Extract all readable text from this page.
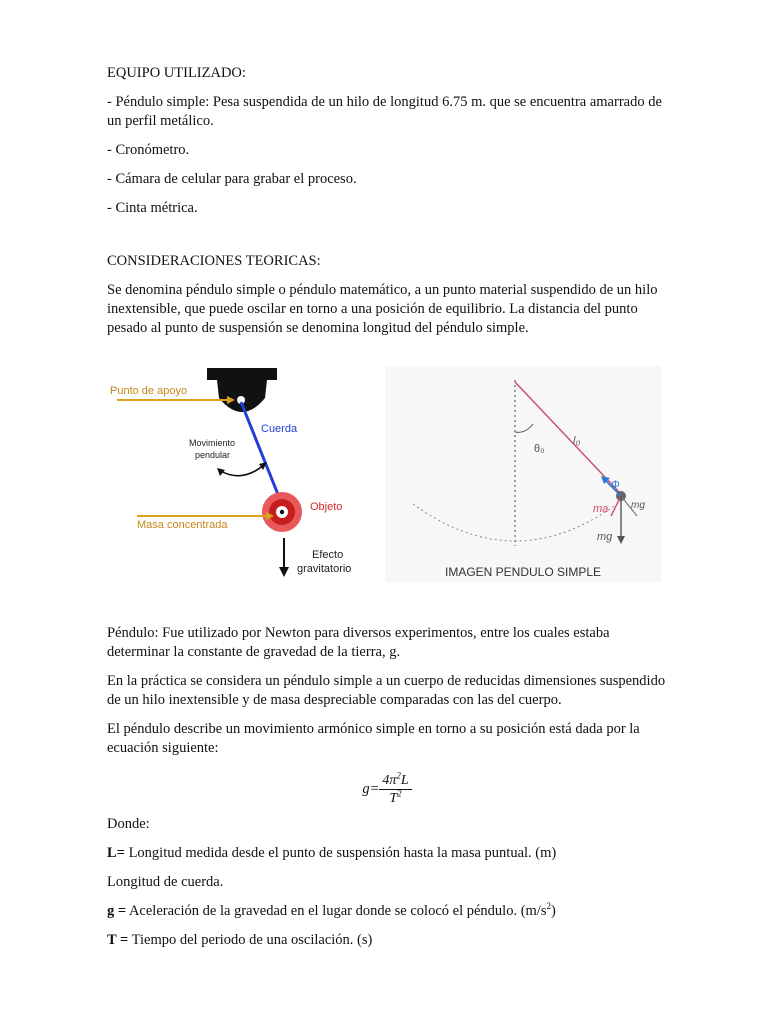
EQUIPO UTILIZADO:

- Péndulo simple: Pesa suspendida de un hilo de longitud 6.75 m. que se encuentra amarrado de un perfil metálico.

- Cronómetro.

- Cámara de celular para grabar el proceso.

- Cinta métrica.

CONSIDERACIONES TEORICAS:

Se denomina péndulo simple o péndulo matemático, a un punto material suspendido de un hilo inextensible, que puede oscilar en torno a una posición de equilibrio. La distancia del punto pesado al punto de suspensión se denomina longitud del péndulo simple.

Punto de apoyo
Cuerda
Movimiento
pendular
Objeto
Masa concentrada
Efecto
gravitatorio
θ₀
l₀
Φ
ma mg
mg
IMAGEN PENDULO SIMPLE

Péndulo: Fue utilizado por Newton para diversos experimentos, entre los cuales estaba determinar la constante de gravedad de la tierra, g.

En la práctica se considera un péndulo simple a un cuerpo de reducidas dimensiones suspendido de un hilo inextensible y de masa despreciable comparadas con las del cuerpo.

El péndulo describe un movimiento armónico simple en torno a su posición está dada por la ecuación siguiente:

$g= \frac{4\pi^2L}{T^2}$

Donde:

L= Longitud medida desde el punto de suspensión hasta la masa puntual. (m)

Longitud de cuerda.

g = Aceleración de la gravedad en el lugar donde se colocó el péndulo. $(m/s^2)$

T = Tiempo del periodo de una oscilación. (s)
